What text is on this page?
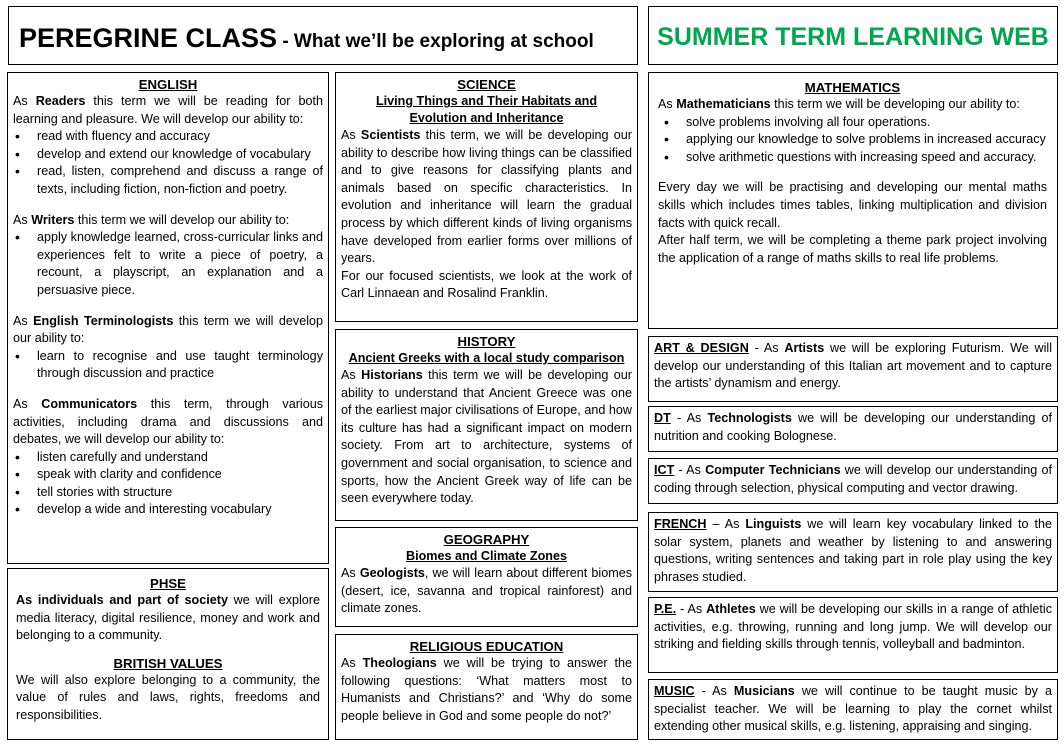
PEREGRINE CLASS - What we’ll be exploring at school	SUMMER TERM LEARNING WEB
ENGLISH

As Readers this term we will be reading for both learning and pleasure. We will develop our ability to:

• read with fluency and accuracy
• develop and extend our knowledge of vocabulary
• read, listen, comprehend and discuss a range of texts, including fiction, non-fiction and poetry.

As Writers this term we will develop our ability to:

• apply knowledge learned, cross-curricular links and experiences felt to write a piece of poetry, a recount, a playscript, an explanation and a persuasive piece.

As English Terminologists this term we will develop our ability to:

• learn to recognise and use taught terminology through discussion and practice

As Communicators this term, through various activities, including drama and discussions and debates, we will develop our ability to:

• listen carefully and understand
• speak with clarity and confidence
• tell stories with structure
• develop a wide and interesting vocabulary
PHSE

As individuals and part of society we will explore media literacy, digital resilience, money and work and belonging to a community.

BRITISH VALUES

We will also explore belonging to a community, the value of rules and laws, rights, freedoms and responsibilities.

SCIENCE
Living Things and Their Habitats and Evolution and Inheritance

As Scientists this term, we will be developing our ability to describe how living things can be classified and to give reasons for classifying plants and animals based on specific characteristics. In evolution and inheritance will learn the gradual process by which different kinds of living organisms have developed from earlier forms over millions of years.

For our focused scientists, we look at the work of Carl Linnaean and Rosalind Franklin.

HISTORY
Ancient Greeks with a local study comparison

As Historians this term we will be developing our ability to understand that Ancient Greece was one of the earliest major civilisations of Europe, and how its culture has had a significant impact on modern society. From art to architecture, systems of government and social organisation, to science and sports, how the Ancient Greek way of life can be seen everywhere today.

GEOGRAPHY
Biomes and Climate Zones

As Geologists, we will learn about different biomes (desert, ice, savanna and tropical rainforest) and climate zones.

RELIGIOUS EDUCATION

As Theologians we will be trying to answer the following questions: ‘What matters most to Humanists and Christians?’ and ‘Why do some people believe in God and some people do not?’

MATHEMATICS

As Mathematicians this term we will be developing our ability to:

• solve problems involving all four operations.
• applying our knowledge to solve problems in increased accuracy
• solve arithmetic questions with increasing speed and accuracy.

Every day we will be practising and developing our mental maths skills which includes times tables, linking multiplication and division facts with quick recall.

After half term, we will be completing a theme park project involving the application of a range of maths skills to real life problems.

ART & DESIGN - As Artists we will be exploring Futurism. We will develop our understanding of this Italian art movement and to capture the artists’ dynamism and energy.

DT - As Technologists we will be developing our understanding of nutrition and cooking Bolognese.

ICT - As Computer Technicians we will develop our understanding of coding through selection, physical computing and vector drawing.

FRENCH – As Linguists we will learn key vocabulary linked to the solar system, planets and weather by listening to and answering questions, writing sentences and taking part in role play using the key phrases studied.

P.E. - As Athletes we will be developing our skills in a range of athletic activities, e.g. throwing, running and long jump. We will develop our striking and fielding skills through tennis, volleyball and badminton.

MUSIC - As Musicians we will continue to be taught music by a specialist teacher. We will be learning to play the cornet whilst extending other musical skills, e.g. listening, appraising and singing.
